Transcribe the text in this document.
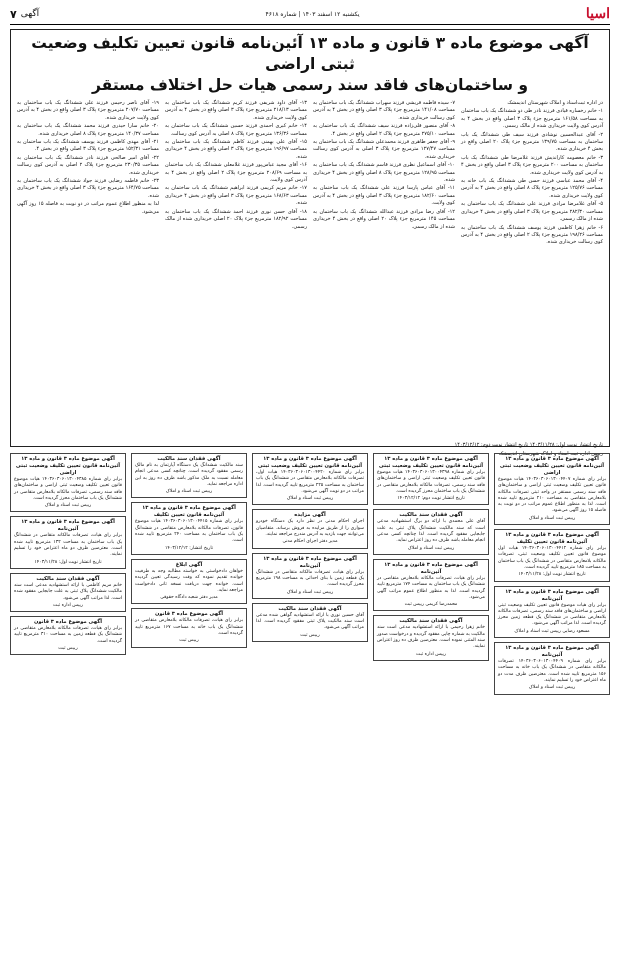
اسیا
یکشنبه ۱۲ اسفند ۱۴۰۳ | شماره ۴۶۱۸
آگهی
۷
آگهی موضوع ماده ۳ قانون و ماده ۱۳ آئین‌نامه قانون تعیین تکلیف وضعیت ثبتی اراضی
و ساختمان‌های فاقد سند رسمی هیات حل اختلاف مستقر

در اداره ثبت‌اسناد و املاک شهرستان اندیمشک

۱- خانم رخساره قیادی فرزند نادر طی دو ششدانگ یک باب ساختمان به مساحت ۱۶۱/۵۸ مترمربع جزء پلاک ۳ اصلی واقع در بخش ۴ به آدرس کوی ولایت خریداری شده از مالک رسمی.

۲- آقای عبدالحسین نوشادی فرزند سیف طی ششدانگ یک باب ساختمان به مساحت ۱۳۹/۷۵ مترمربع جزء پلاک ۲۰ اصلی واقع در بخش ۴ خریداری شده.

۳- خانم معصومه کاراندیش فرزند غلامرضا طی ششدانگ یک باب ساختمان به مساحت ۲۰۰ مترمربع جزء پلاک ۳ اصلی واقع در بخش ۴ به آدرس کوی ولایت خریداری شده.

۴- آقای محمد عباسی فرزند حسن طی ششدانگ یک باب خانه به مساحت ۱۲۵/۷۶ مترمربع جزء پلاک ۸ اصلی واقع در بخش ۴ به آدرس کوی ولایت خریداری شده.

۵- آقای غلامرضا مرادی فرزند علی ششدانگ یک باب ساختمان به مساحت ۲۸۲/۳۰ مترمربع جزء پلاک ۳ اصلی واقع در بخش ۴ خریداری شده از مالک رسمی.

۶- خانم زهرا کاظمی فرزند یوسف ششدانگ یک باب ساختمان به مساحت ۱۹۸/۲۶ مترمربع جزء پلاک ۲ اصلی واقع در بخش ۴ به آدرس کوی رسالت خریداری شده.

۷- سیده فاطمه قریشی فرزند سهراب ششدانگ یک باب ساختمان به مساحت ۱۴۱/۰۸ مترمربع جزء پلاک ۳ اصلی واقع در بخش ۴ به آدرس کوی رسالت خریداری شده.

۸- آقای منصور قلی‌زاده فرزند سیف ششدانگ یک باب ساختمان به مساحت ۲۷۵/۱۰ مترمربع جزء پلاک ۲ اصلی واقع در بخش ۴.

۹- آقای جعفر طاهری فرزند محمدعلی ششدانگ یک باب ساختمان به مساحت ۱۲۷/۴۷ مترمربع جزء پلاک ۳ اصلی به آدرس کوی رسالت خریداری شده.

۱۰- آقای اسماعیل نظری فرزند قاسم ششدانگ یک باب ساختمان به مساحت ۱۲۸/۹۵ مترمربع جزء پلاک ۸ اصلی واقع در بخش ۴ خریداری شده.

۱۱- آقای عباس پارسا فرزند علی ششدانگ یک باب ساختمان به مساحت ۱۸۲/۶۰ مترمربع جزء پلاک ۳ اصلی واقع در بخش ۴ به آدرس کوی ولایت.

۱۲- آقای رضا مرادی فرزند عبدالله ششدانگ یک باب ساختمان به مساحت ۱۴۵ مترمربع جزء پلاک ۲۰ اصلی واقع در بخش ۴ خریداری شده از مالک رسمی.

۱۳- آقای داود شریفی فرزند کریم ششدانگ یک باب ساختمان به مساحت ۲۱۸/۱۳ مترمربع جزء پلاک ۳ اصلی واقع در بخش ۴ به آدرس کوی ولایت خریداری شده.

۱۴- خانم کبری احمدی فرزند حسین ششدانگ یک باب ساختمان به مساحت ۱۳۶/۳۶ مترمربع جزء پلاک ۸ اصلی به آدرس کوی رسالت.

۱۵- آقای علی بهمنی فرزند کاظم ششدانگ یک باب ساختمان به مساحت ۱۹۶/۹۷ مترمربع جزء پلاک ۳ اصلی واقع در بخش ۴ خریداری شده.

۱۶- آقای مجید عباس‌پور فرزند غلامعلی ششدانگ یک باب ساختمان به مساحت ۲۰۸/۶۹ مترمربع جزء پلاک ۲ اصلی واقع در بخش ۴ به آدرس کوی ولایت.

۱۷- خانم مریم کریمی فرزند ابراهیم ششدانگ یک باب ساختمان به مساحت ۱۶۸/۶۳ مترمربع جزء پلاک ۳ اصلی واقع در بخش ۴ خریداری شده.

۱۸- آقای حسن نوری فرزند احمد ششدانگ یک باب ساختمان به مساحت ۱۸۲/۹۲ مترمربع جزء پلاک ۲۰ اصلی خریداری شده از مالک رسمی.

۱۹- آقای ناصر رحیمی فرزند علی ششدانگ یک باب ساختمان به مساحت ۲۰۷/۷۰ مترمربع جزء پلاک ۳ اصلی واقع در بخش ۴ به آدرس کوی ولایت خریداری شده.

۲۰- خانم سارا حیدری فرزند محمد ششدانگ یک باب ساختمان به مساحت ۱۴۰/۳۷ مترمربع جزء پلاک ۸ اصلی خریداری شده.

۲۱- آقای مهدی کاظمی فرزند یوسف ششدانگ یک باب ساختمان به مساحت ۱۵۲/۳۱ مترمربع جزء پلاک ۳ اصلی واقع در بخش ۴.

۲۲- آقای امیر صالحی فرزند نادر ششدانگ یک باب ساختمان به مساحت ۲۳۰/۳۵ مترمربع جزء پلاک ۲ اصلی به آدرس کوی رسالت خریداری شده.

۲۳- خانم فاطمه رضایی فرزند جواد ششدانگ یک باب ساختمان به مساحت ۱۶۴/۷۵ مترمربع جزء پلاک ۳ اصلی واقع در بخش ۴ خریداری شده.

لذا به منظور اطلاع عموم مراتب در دو نوبت به فاصله ۱۵ روز آگهی می‌شود.

تاریخ انتشار نوبت اول: ۱۴۰۳/۱۱/۲۸ تاریخ انتشار نوبت دوم: ۱۴۰۳/۱۲/۱۲
رییس اداره ثبت اسناد و املاک شهرستان اندیمشک
آگهی موضوع ماده ۳ قانون و ماده ۱۳ آئین‌نامه قانون تعیین تکلیف وضعیت ثبتی اراضی
برابر رای شماره ۱۴۰۳۶۰۳۰۶۰۱۳۰۰۴۴۰۷ هیات موضوع قانون تعیین تکلیف وضعیت ثبتی اراضی و ساختمان‌های فاقد سند رسمی مستقر در واحد ثبتی تصرفات مالکانه بلامعارض متقاضی به مساحت ۲۱۰ مترمربع تایید شده است. لذا به منظور اطلاع عموم مراتب در دو نوبت به فاصله ۱۵ روز آگهی می‌شود.
رییس ثبت اسناد و املاک
آگهی موضوع ماده ۳ قانون و ماده ۱۳ آئین‌نامه قانون تعیین تکلیف
برابر رای شماره ۱۴۰۳۶۰۳۰۶۰۱۳۰۰۴۴۱۲ هیات اول موضوع قانون تعیین تکلیف وضعیت ثبتی، تصرفات مالکانه بلامعارض متقاضی در ششدانگ یک باب ساختمان به مساحت ۱۸۵ مترمربع تایید گردیده است.
تاریخ انتشار نوبت اول: ۱۴۰۳/۱۱/۲۸
آگهی موضوع ماده ۳ قانون و ماده ۱۳ آئین‌نامه
برابر رای هیات موضوع قانون تعیین تکلیف وضعیت ثبتی اراضی و ساختمان‌های فاقد سند رسمی، تصرفات مالکانه بلامعارض متقاضی در ششدانگ یک قطعه زمین محرز گردیده است. لذا مراتب آگهی می‌شود.
مسعود رضایی رییس ثبت اسناد و املاک
آگهی موضوع ماده ۳ قانون و ماده ۱۳ آئین‌نامه
برابر رای شماره ۱۴۰۳۶۰۳۰۶۰۱۳۰۰۴۴۰۹ تصرفات مالکانه متقاضی در ششدانگ یک باب خانه به مساحت ۱۵۶ مترمربع تایید شده است. معترضین ظرف مدت دو ماه اعتراض خود را تسلیم نمایند.
رییس ثبت اسناد و املاک
آگهی موضوع ماده ۳ قانون و ماده ۱۳ آئین‌نامه قانون تعیین تکلیف وضعیت ثبتی
برابر رای شماره ۱۴۰۳۶۰۳۰۶۰۱۳۰۰۴۳۹۸ هیات موضوع قانون تعیین تکلیف وضعیت ثبتی اراضی و ساختمان‌های فاقد سند رسمی، تصرفات مالکانه بلامعارض متقاضی در ششدانگ یک باب ساختمان محرز گردیده است.
تاریخ انتشار نوبت دوم: ۱۴۰۳/۱۲/۱۲
آگهی فقدان سند مالکیت
آقای علی محمدی با ارائه دو برگ استشهادیه مدعی است که سند مالکیت ششدانگ پلاک ثبتی به علت جابجایی مفقود گردیده است. لذا چنانچه کسی مدعی انجام معامله باشد ظرف ده روز اعتراض نماید.
رییس ثبت اسناد و املاک
آگهی موضوع ماده ۳ قانون و ماده ۱۳ آئین‌نامه
برابر رای هیات، تصرفات مالکانه بلامعارض متقاضی در ششدانگ یک باب ساختمان به مساحت ۱۷۴ مترمربع تایید گردیده است. لذا به منظور اطلاع عموم مراتب آگهی می‌شود.
محمدرضا کریمی رییس ثبت
آگهی فقدان سند مالکیت
خانم زهرا رحیمی با ارائه استشهادیه مدعی است سند مالکیت به شماره چاپی مفقود گردیده و درخواست صدور سند المثنی نموده است. معترضین ظرف ده روز اعتراض نمایند.
رییس اداره ثبت
آگهی موضوع ماده ۳ قانون و ماده ۱۳ آئین‌نامه قانون تعیین تکلیف وضعیت ثبتی
برابر رای شماره ۱۴۰۳۶۰۳۰۶۰۱۳۰۰۴۴۲۰ هیات اول، تصرفات مالکانه بلامعارض متقاضی در ششدانگ یک باب ساختمان به مساحت ۲۲۵ مترمربع تایید گردیده است. لذا مراتب در دو نوبت آگهی می‌شود.
رییس ثبت اسناد و املاک
آگهی مزایده
اجرای احکام مدنی در نظر دارد یک دستگاه خودرو سواری را از طریق مزایده به فروش برساند. متقاضیان می‌توانند جهت بازدید به آدرس مندرج مراجعه نمایند.
مدیر دفتر اجرای احکام مدنی
آگهی موضوع ماده ۳ قانون و ماده ۱۳ آئین‌نامه
برابر رای هیات، تصرفات مالکانه متقاضی در ششدانگ یک قطعه زمین با بنای احداثی به مساحت ۱۹۸ مترمربع محرز گردیده است.
رییس ثبت اسناد و املاک
آگهی فقدان سند مالکیت
آقای حسین نوری با ارائه استشهادیه گواهی شده مدعی است سند مالکیت پلاک ثبتی مفقود گردیده است. لذا مراتب آگهی می‌شود.
رییس ثبت
آگهی فقدان سند مالکیت
سند مالکیت ششدانگ یک دستگاه آپارتمان به نام مالک رسمی مفقود گردیده است. چنانچه کسی مدعی انجام معامله نسبت به ملک مذکور باشد ظرف ده روز به این اداره مراجعه نماید.
رییس ثبت اسناد و املاک
آگهی موضوع ماده ۳ قانون و ماده ۱۳ آئین‌نامه قانون تعیین تکلیف
برابر رای شماره ۱۴۰۳۶۰۳۰۶۰۱۳۰۰۴۴۱۵ هیات موضوع قانون، تصرفات مالکانه بلامعارض متقاضی در ششدانگ یک باب ساختمان به مساحت ۲۴۰ مترمربع تایید شده است.
تاریخ انتشار: ۱۴۰۳/۱۲/۱۲
آگهی ابلاغ
خواهان دادخواستی به خواسته مطالبه وجه به طرفیت خوانده تقدیم نموده که وقت رسیدگی تعیین گردیده است. خوانده جهت دریافت نسخه ثانی دادخواست مراجعه نماید.
مدیر دفتر شعبه دادگاه حقوقی
آگهی موضوع ماده ۳ قانون
برابر رای هیات، تصرفات مالکانه بلامعارض متقاضی در ششدانگ یک باب خانه به مساحت ۱۶۷ مترمربع تایید گردیده است.
رییس ثبت
آگهی موضوع ماده ۳ قانون و ماده ۱۳ آئین‌نامه قانون تعیین تکلیف وضعیت ثبتی اراضی
برابر رای شماره ۱۴۰۳۶۰۳۰۶۰۱۳۰۰۴۳۸۵ هیات موضوع قانون تعیین تکلیف وضعیت ثبتی اراضی و ساختمان‌های فاقد سند رسمی، تصرفات مالکانه بلامعارض متقاضی در ششدانگ یک باب ساختمان محرز گردیده است.
رییس ثبت اسناد و املاک
آگهی موضوع ماده ۳ قانون و ماده ۱۳ آئین‌نامه
برابر رای هیات، تصرفات مالکانه متقاضی در ششدانگ یک باب ساختمان به مساحت ۱۳۲ مترمربع تایید شده است. معترضین ظرف دو ماه اعتراض خود را تسلیم نمایند.
تاریخ انتشار نوبت اول: ۱۴۰۳/۱۱/۲۸
آگهی فقدان سند مالکیت
خانم مریم کاظمی با ارائه استشهادیه مدعی است سند مالکیت ششدانگ پلاک ثبتی به علت جابجایی مفقود شده است. لذا مراتب آگهی می‌شود.
رییس اداره ثبت
آگهی موضوع ماده ۳ قانون
برابر رای هیات، تصرفات مالکانه بلامعارض متقاضی در ششدانگ یک قطعه زمین به مساحت ۳۱۰ مترمربع تایید گردیده است.
رییس ثبت
